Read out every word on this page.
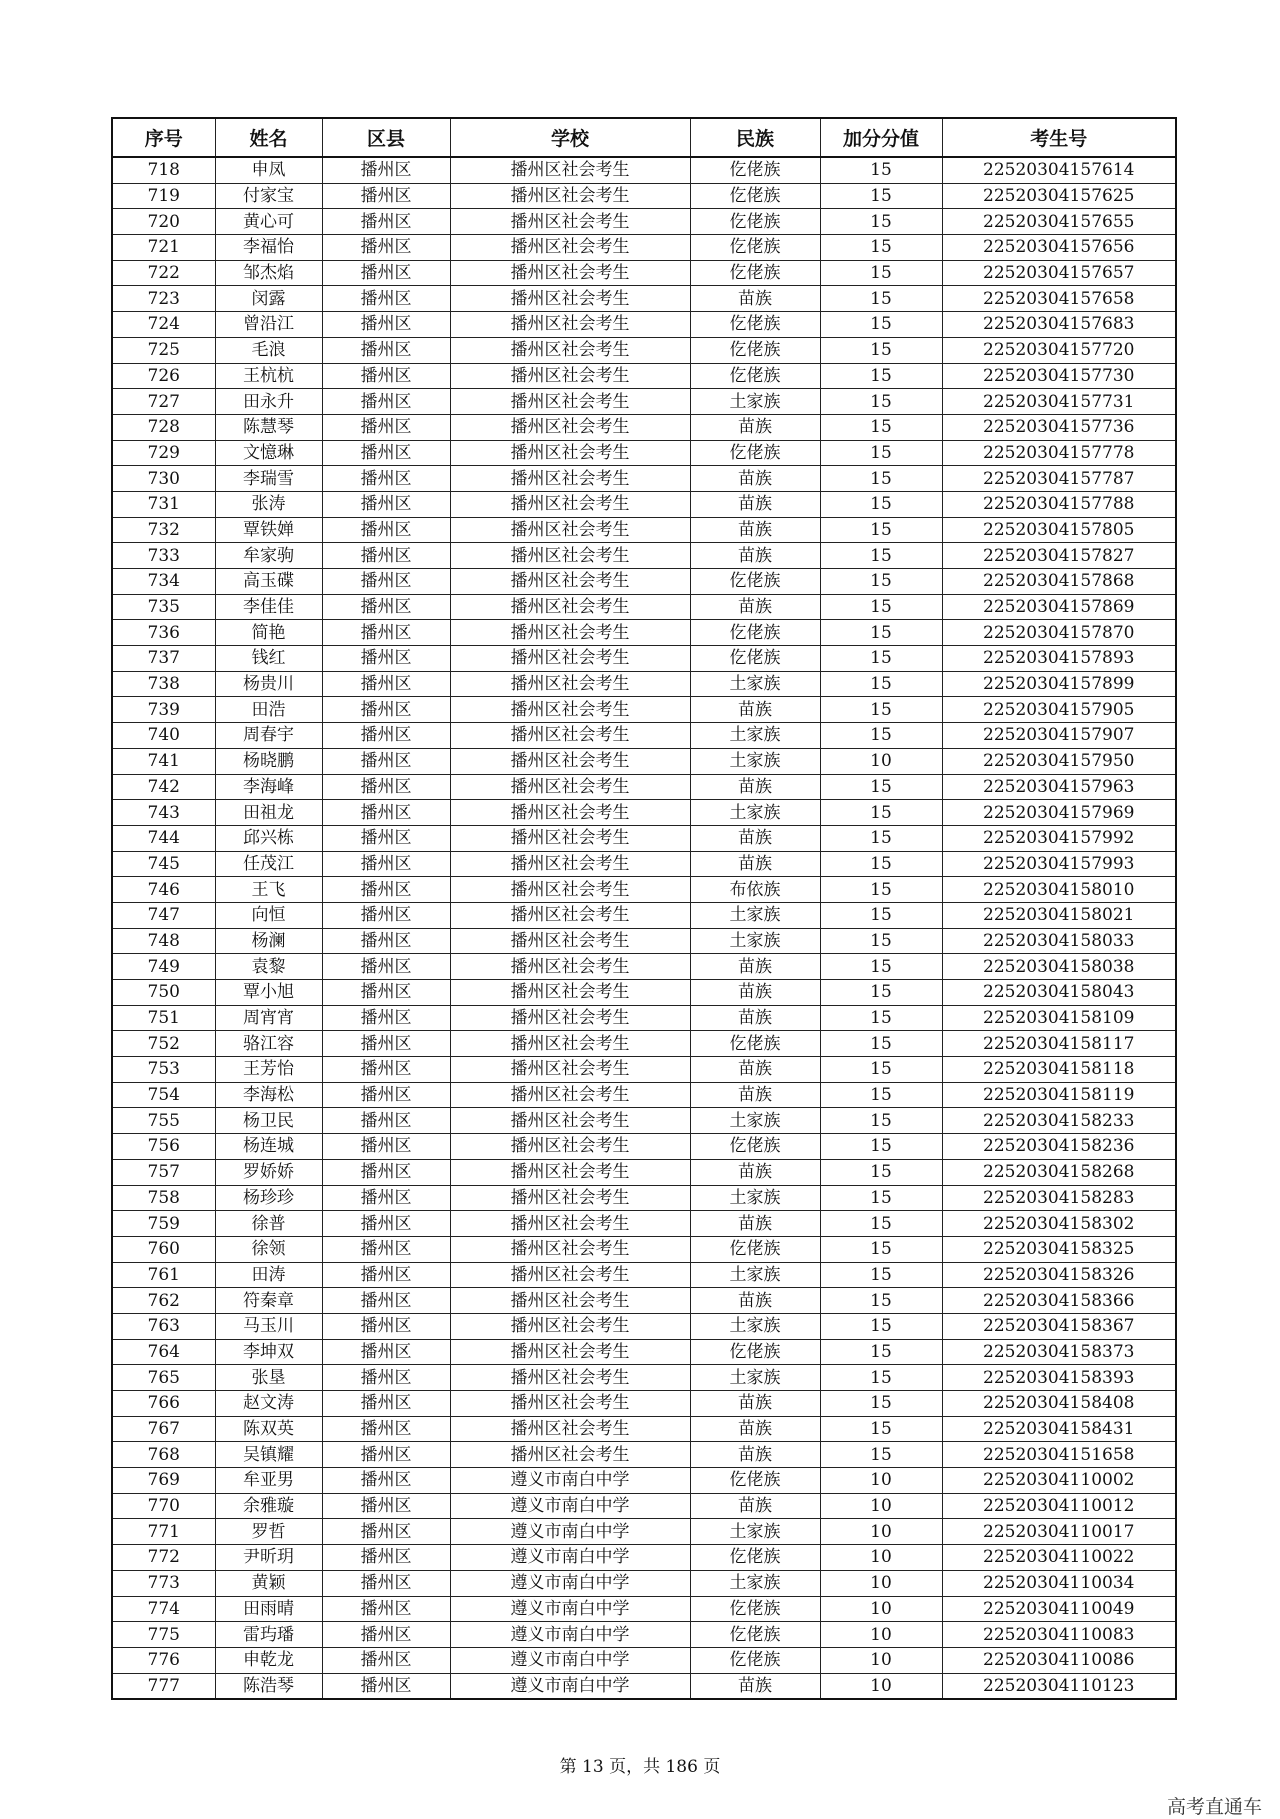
序号	姓名	区县	学校	民族	加分分值	考生号
718	申凤	播州区	播州区社会考生	仡佬族	15	22520304157614
719	付家宝	播州区	播州区社会考生	仡佬族	15	22520304157625
720	黄心可	播州区	播州区社会考生	仡佬族	15	22520304157655
721	李福怡	播州区	播州区社会考生	仡佬族	15	22520304157656
722	邹杰焰	播州区	播州区社会考生	仡佬族	15	22520304157657
723	闵露	播州区	播州区社会考生	苗族	15	22520304157658
724	曾沿江	播州区	播州区社会考生	仡佬族	15	22520304157683
725	毛浪	播州区	播州区社会考生	仡佬族	15	22520304157720
726	王杭杭	播州区	播州区社会考生	仡佬族	15	22520304157730
727	田永升	播州区	播州区社会考生	土家族	15	22520304157731
728	陈慧琴	播州区	播州区社会考生	苗族	15	22520304157736
729	文憶琳	播州区	播州区社会考生	仡佬族	15	22520304157778
730	李瑞雪	播州区	播州区社会考生	苗族	15	22520304157787
731	张涛	播州区	播州区社会考生	苗族	15	22520304157788
732	覃铁婵	播州区	播州区社会考生	苗族	15	22520304157805
733	牟家驹	播州区	播州区社会考生	苗族	15	22520304157827
734	高玉碟	播州区	播州区社会考生	仡佬族	15	22520304157868
735	李佳佳	播州区	播州区社会考生	苗族	15	22520304157869
736	简艳	播州区	播州区社会考生	仡佬族	15	22520304157870
737	钱红	播州区	播州区社会考生	仡佬族	15	22520304157893
738	杨贵川	播州区	播州区社会考生	土家族	15	22520304157899
739	田浩	播州区	播州区社会考生	苗族	15	22520304157905
740	周春宇	播州区	播州区社会考生	土家族	15	22520304157907
741	杨晓鹏	播州区	播州区社会考生	土家族	10	22520304157950
742	李海峰	播州区	播州区社会考生	苗族	15	22520304157963
743	田祖龙	播州区	播州区社会考生	土家族	15	22520304157969
744	邱兴栋	播州区	播州区社会考生	苗族	15	22520304157992
745	任茂江	播州区	播州区社会考生	苗族	15	22520304157993
746	王飞	播州区	播州区社会考生	布依族	15	22520304158010
747	向恒	播州区	播州区社会考生	土家族	15	22520304158021
748	杨澜	播州区	播州区社会考生	土家族	15	22520304158033
749	袁黎	播州区	播州区社会考生	苗族	15	22520304158038
750	覃小旭	播州区	播州区社会考生	苗族	15	22520304158043
751	周宵宵	播州区	播州区社会考生	苗族	15	22520304158109
752	骆江容	播州区	播州区社会考生	仡佬族	15	22520304158117
753	王芳怡	播州区	播州区社会考生	苗族	15	22520304158118
754	李海松	播州区	播州区社会考生	苗族	15	22520304158119
755	杨卫民	播州区	播州区社会考生	土家族	15	22520304158233
756	杨连城	播州区	播州区社会考生	仡佬族	15	22520304158236
757	罗娇娇	播州区	播州区社会考生	苗族	15	22520304158268
758	杨珍珍	播州区	播州区社会考生	土家族	15	22520304158283
759	徐普	播州区	播州区社会考生	苗族	15	22520304158302
760	徐领	播州区	播州区社会考生	仡佬族	15	22520304158325
761	田涛	播州区	播州区社会考生	土家族	15	22520304158326
762	符秦章	播州区	播州区社会考生	苗族	15	22520304158366
763	马玉川	播州区	播州区社会考生	土家族	15	22520304158367
764	李坤双	播州区	播州区社会考生	仡佬族	15	22520304158373
765	张垦	播州区	播州区社会考生	土家族	15	22520304158393
766	赵文涛	播州区	播州区社会考生	苗族	15	22520304158408
767	陈双英	播州区	播州区社会考生	苗族	15	22520304158431
768	吴镇耀	播州区	播州区社会考生	苗族	15	22520304151658
769	牟亚男	播州区	遵义市南白中学	仡佬族	10	22520304110002
770	余雅璇	播州区	遵义市南白中学	苗族	10	22520304110012
771	罗哲	播州区	遵义市南白中学	土家族	10	22520304110017
772	尹昕玥	播州区	遵义市南白中学	仡佬族	10	22520304110022
773	黄颖	播州区	遵义市南白中学	土家族	10	22520304110034
774	田雨晴	播州区	遵义市南白中学	仡佬族	10	22520304110049
775	雷玙璠	播州区	遵义市南白中学	仡佬族	10	22520304110083
776	申乾龙	播州区	遵义市南白中学	仡佬族	10	22520304110086
777	陈浩琴	播州区	遵义市南白中学	苗族	10	22520304110123
第 13 页，共 186 页
高考直通车
